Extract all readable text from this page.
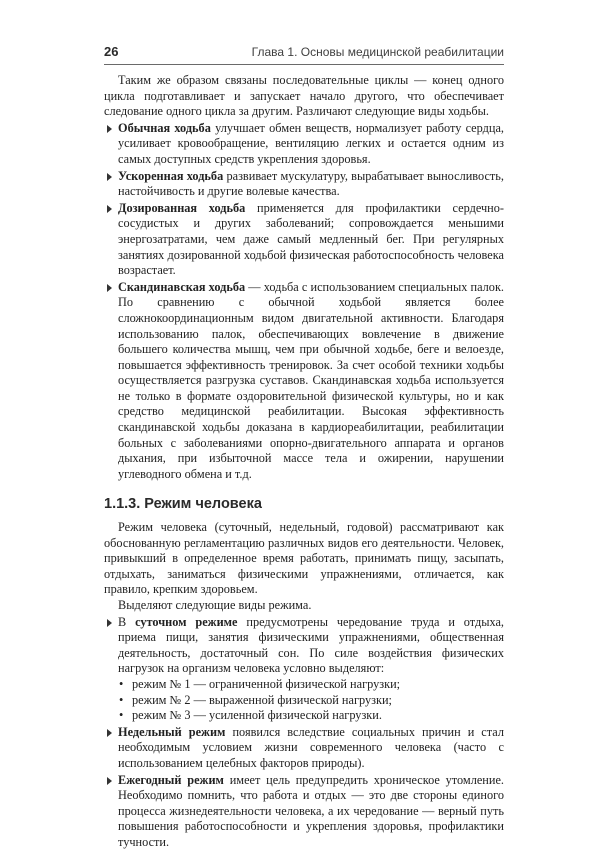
26	Глава 1. Основы медицинской реабилитации

Таким же образом связаны последовательные циклы — конец одного цикла подготавливает и запускает начало другого, что обеспечивает следование одного цикла за другим. Различают следующие виды ходьбы.

Обычная ходьба улучшает обмен веществ, нормализует работу сердца, усиливает кровообращение, вентиляцию легких и остается одним из самых доступных средств укрепления здоровья.
Ускоренная ходьба развивает мускулатуру, вырабатывает выносливость, настойчивость и другие волевые качества.
Дозированная ходьба применяется для профилактики сердечно-сосудистых и других заболеваний; сопровождается меньшими энергозатратами, чем даже самый медленный бег. При регулярных занятиях дозированной ходьбой физическая работоспособность человека возрастает.
Скандинавская ходьба — ходьба с использованием специальных палок. По сравнению с обычной ходьбой является более сложнокоординационным видом двигательной активности. Благодаря использованию палок, обеспечивающих вовлечение в движение большего количества мышц, чем при обычной ходьбе, беге и велоезде, повышается эффективность тренировок. За счет особой техники ходьбы осуществляется разгрузка суставов. Скандинавская ходьба используется не только в формате оздоровительной физической культуры, но и как средство медицинской реабилитации. Высокая эффективность скандинавской ходьбы доказана в кардиореабилитации, реабилитации больных с заболеваниями опорно-двигательного аппарата и органов дыхания, при избыточной массе тела и ожирении, нарушении углеводного обмена и т.д.
1.1.3. Режим человека

Режим человека (суточный, недельный, годовой) рассматривают как обоснованную регламентацию различных видов его деятельности. Человек, привыкший в определенное время работать, принимать пищу, засыпать, отдыхать, заниматься физическими упражнениями, отличается, как правило, крепким здоровьем.

Выделяют следующие виды режима.

В суточном режиме предусмотрены чередование труда и отдыха, приема пищи, занятия физическими упражнениями, общественная деятельность, достаточный сон. По силе воздействия физических нагрузок на организм человека условно выделяют:
• режим № 1 — ограниченной физической нагрузки;
• режим № 2 — выраженной физической нагрузки;
• режим № 3 — усиленной физической нагрузки.
Недельный режим появился вследствие социальных причин и стал необходимым условием жизни современного человека (часто с использованием целебных факторов природы).
Ежегодный режим имеет цель предупредить хроническое утомление. Необходимо помнить, что работа и отдых — это две стороны единого процесса жизнедеятельности человека, а их чередование — верный путь повышения работоспособности и укрепления здоровья, профилактики тучности.
